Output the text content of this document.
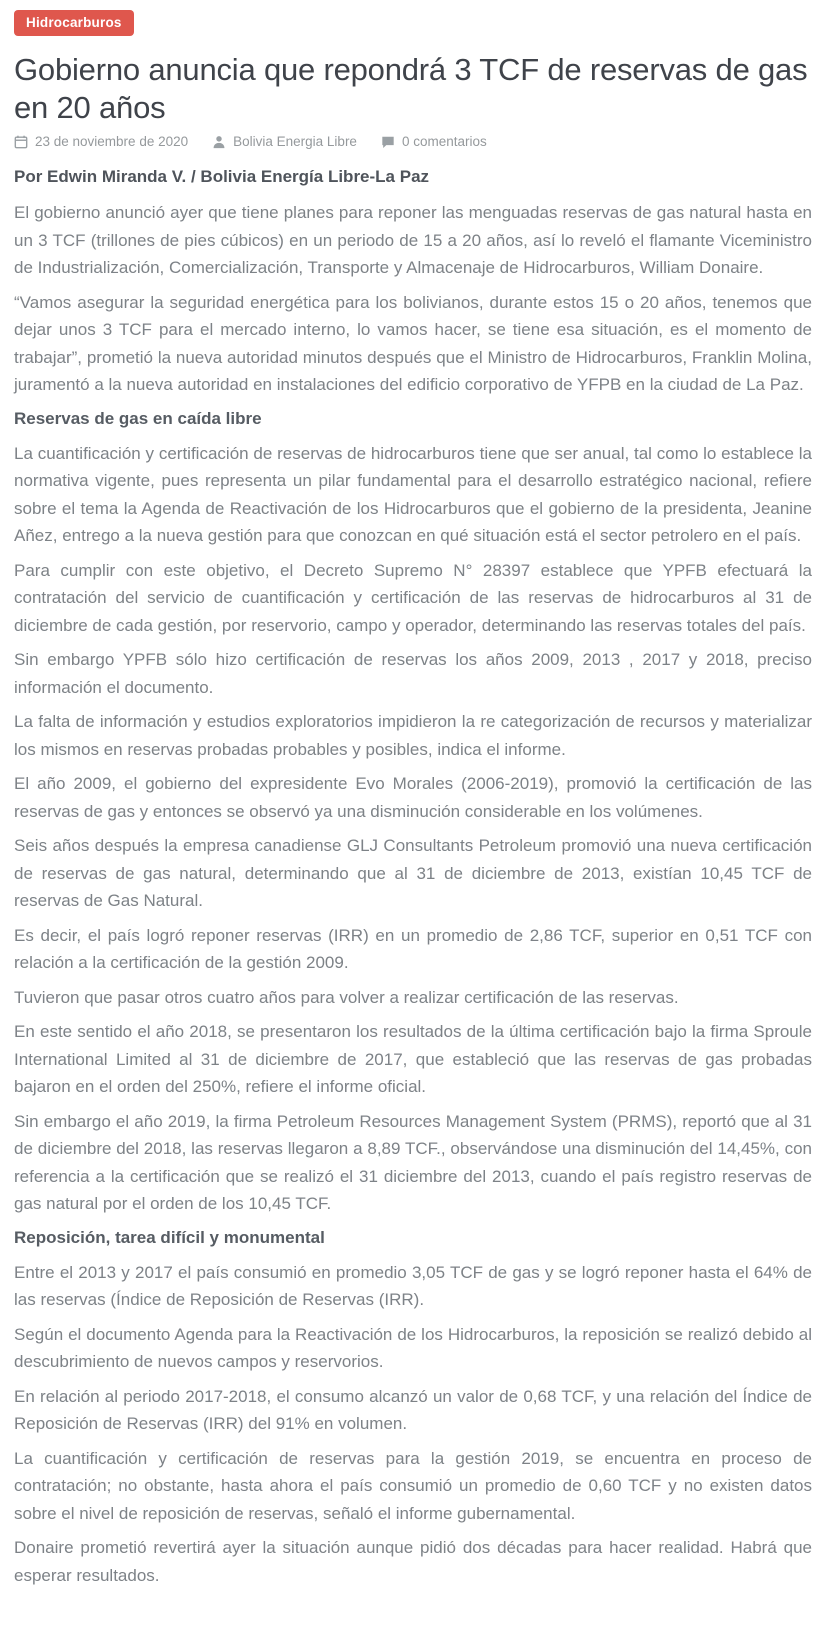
Hidrocarburos
Gobierno anuncia que repondrá 3 TCF de reservas de gas en 20 años
23 de noviembre de 2020	Bolivia Energia Libre	0 comentarios
Por Edwin Miranda V. / Bolivia Energía Libre-La Paz

El gobierno anunció ayer que tiene planes para reponer las menguadas reservas de gas natural hasta en un 3 TCF (trillones de pies cúbicos) en un periodo de 15 a 20 años, así lo reveló el flamante Viceministro de Industrialización, Comercialización, Transporte y Almacenaje de Hidrocarburos, William Donaire.

“Vamos asegurar la seguridad energética para los bolivianos, durante estos 15 o 20 años, tenemos que dejar unos 3 TCF para el mercado interno, lo vamos hacer, se tiene esa situación, es el momento de trabajar”, prometió la nueva autoridad minutos después que el Ministro de Hidrocarburos, Franklin Molina, juramentó a la nueva autoridad en instalaciones del edificio corporativo de YFPB en la ciudad de La Paz.

Reservas de gas en caída libre

La cuantificación y certificación de reservas de hidrocarburos tiene que ser anual, tal como lo establece la normativa vigente, pues representa un pilar fundamental para el desarrollo estratégico nacional, refiere sobre el tema la Agenda de Reactivación de los Hidrocarburos que el gobierno de la presidenta, Jeanine Añez, entrego a la nueva gestión para que conozcan en qué situación está el sector petrolero en el país.

Para cumplir con este objetivo, el Decreto Supremo N° 28397 establece que YPFB efectuará la contratación del servicio de cuantificación y certificación de las reservas de hidrocarburos al 31 de diciembre de cada gestión, por reservorio, campo y operador, determinando las reservas totales del país.

Sin embargo YPFB sólo hizo certificación de reservas los años 2009, 2013 , 2017 y 2018, preciso información el documento.

La falta de información y estudios exploratorios impidieron la re categorización de recursos y materializar los mismos en reservas probadas probables y posibles, indica el informe.

El año 2009, el gobierno del expresidente Evo Morales (2006-2019), promovió la certificación de las reservas de gas y entonces se observó ya una disminución considerable en los volúmenes.

Seis años después la empresa canadiense GLJ Consultants Petroleum promovió una nueva certificación de reservas de gas natural, determinando que al 31 de diciembre de 2013, existían 10,45 TCF de reservas de Gas Natural.

Es decir, el país logró reponer reservas (IRR) en un promedio de 2,86 TCF, superior en 0,51 TCF con relación a la certificación de la gestión 2009.

Tuvieron que pasar otros cuatro años para volver a realizar certificación de las reservas.

En este sentido el año 2018, se presentaron los resultados de la última certificación bajo la firma Sproule International Limited al 31 de diciembre de 2017, que estableció que las reservas de gas probadas bajaron en el orden del 250%, refiere el informe oficial.

Sin embargo el año 2019, la firma Petroleum Resources Management System (PRMS), reportó que al 31 de diciembre del 2018, las reservas llegaron a 8,89 TCF., observándose una disminución del 14,45%, con referencia a la certificación que se realizó el 31 diciembre del 2013, cuando el país registro reservas de gas natural por el orden de los 10,45 TCF.

Reposición, tarea difícil y monumental

Entre el 2013 y 2017 el país consumió en promedio 3,05 TCF de gas y se logró reponer hasta el 64% de las reservas (Índice de Reposición de Reservas (IRR).

Según el documento Agenda para la Reactivación de los Hidrocarburos, la reposición se realizó debido al descubrimiento de nuevos campos y reservorios.

En relación al periodo 2017-2018, el consumo alcanzó un valor de 0,68 TCF, y una relación del Índice de Reposición de Reservas (IRR) del 91% en volumen.

La cuantificación y certificación de reservas para la gestión 2019, se encuentra en proceso de contratación; no obstante, hasta ahora el país consumió un promedio de 0,60 TCF y no existen datos sobre el nivel de reposición de reservas, señaló el informe gubernamental.

Donaire prometió revertirá ayer la situación aunque pidió dos décadas para hacer realidad. Habrá que esperar resultados.
